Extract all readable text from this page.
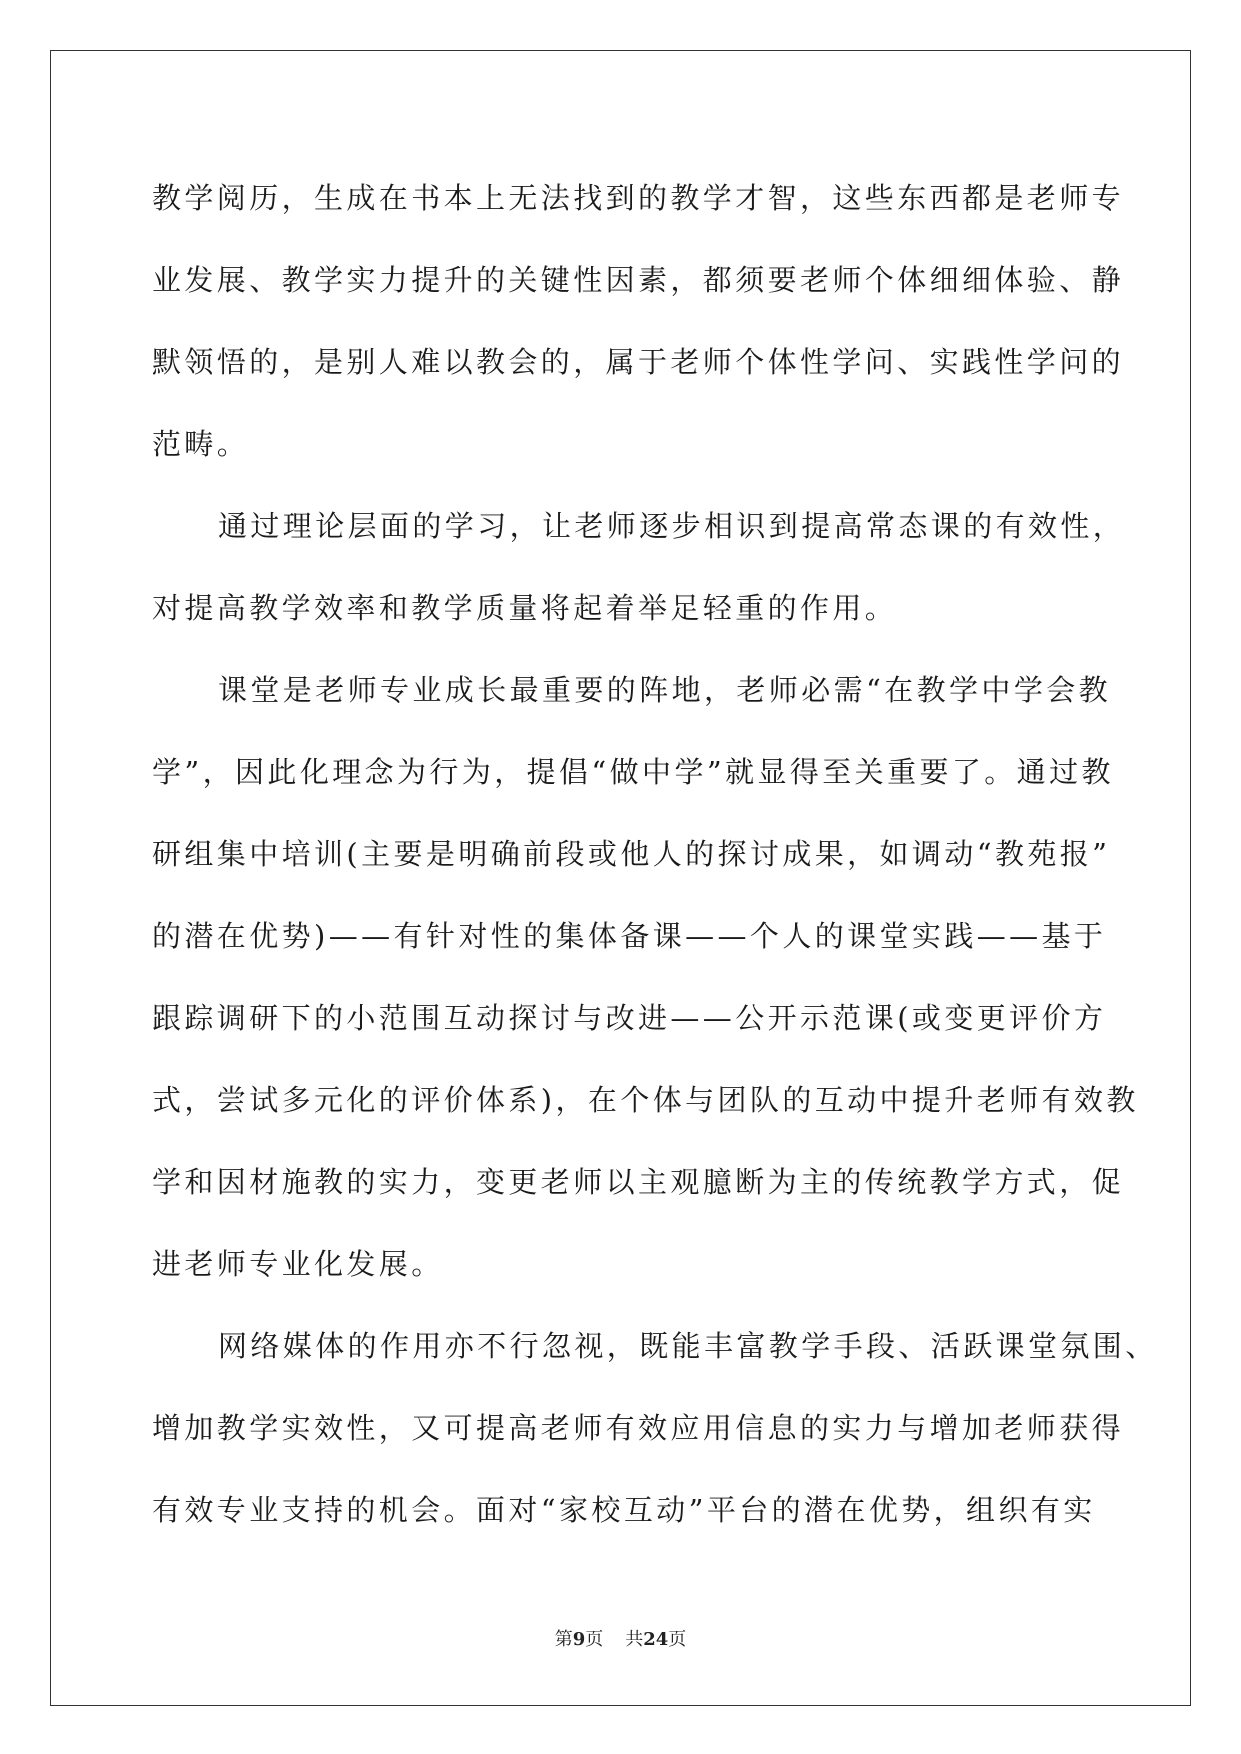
教学阅历，生成在书本上无法找到的教学才智，这些东西都是老师专
业发展、教学实力提升的关键性因素，都须要老师个体细细体验、静
默领悟的，是别人难以教会的，属于老师个体性学问、实践性学问的
范畴。
通过理论层面的学习，让老师逐步相识到提高常态课的有效性，
对提高教学效率和教学质量将起着举足轻重的作用。
课堂是老师专业成长最重要的阵地，老师必需“在教学中学会教
学”，因此化理念为行为，提倡“做中学”就显得至关重要了。通过教
研组集中培训(主要是明确前段或他人的探讨成果，如调动“教苑报”
的潜在优势)——有针对性的集体备课——个人的课堂实践——基于
跟踪调研下的小范围互动探讨与改进——公开示范课(或变更评价方
式，尝试多元化的评价体系)，在个体与团队的互动中提升老师有效教
学和因材施教的实力，变更老师以主观臆断为主的传统教学方式，促
进老师专业化发展。
网络媒体的作用亦不行忽视，既能丰富教学手段、活跃课堂氛围、
增加教学实效性，又可提高老师有效应用信息的实力与增加老师获得
有效专业支持的机会。面对“家校互动”平台的潜在优势，组织有实
第9页 共24页
